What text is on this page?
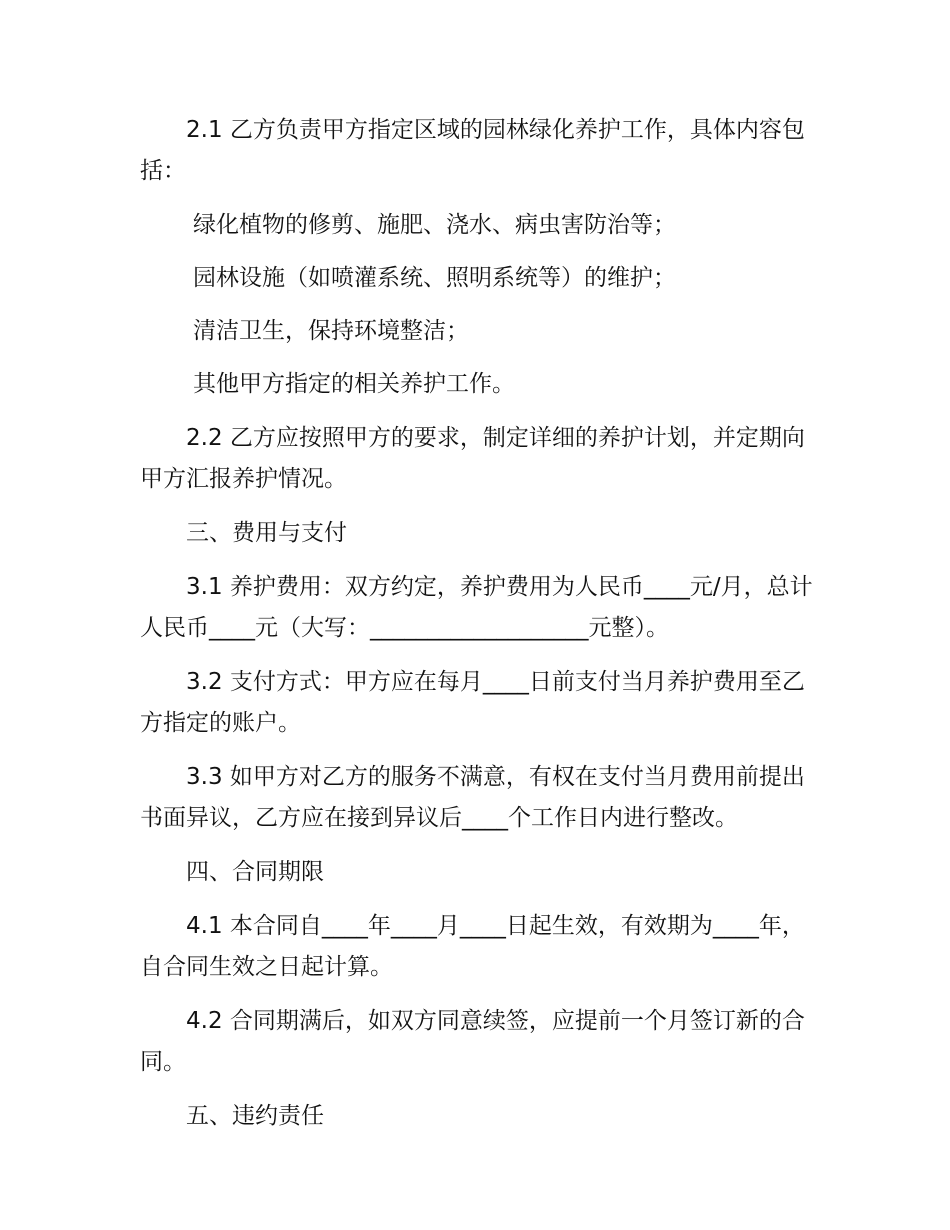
2.1 乙方负责甲方指定区域的园林绿化养护工作，具体内容包括：

绿化植物的修剪、施肥、浇水、病虫害防治等；

园林设施（如喷灌系统、照明系统等）的维护；

清洁卫生，保持环境整洁；

其他甲方指定的相关养护工作。

2.2 乙方应按照甲方的要求，制定详细的养护计划，并定期向甲方汇报养护情况。

三、费用与支付

3.1 养护费用：双方约定，养护费用为人民币____元/月，总计人民币____元（大写：___________________元整）。

3.2 支付方式：甲方应在每月____日前支付当月养护费用至乙方指定的账户。

3.3 如甲方对乙方的服务不满意，有权在支付当月费用前提出书面异议，乙方应在接到异议后____个工作日内进行整改。

四、合同期限

4.1 本合同自____年____月____日起生效，有效期为____年，自合同生效之日起计算。

4.2 合同期满后，如双方同意续签，应提前一个月签订新的合同。

五、违约责任
